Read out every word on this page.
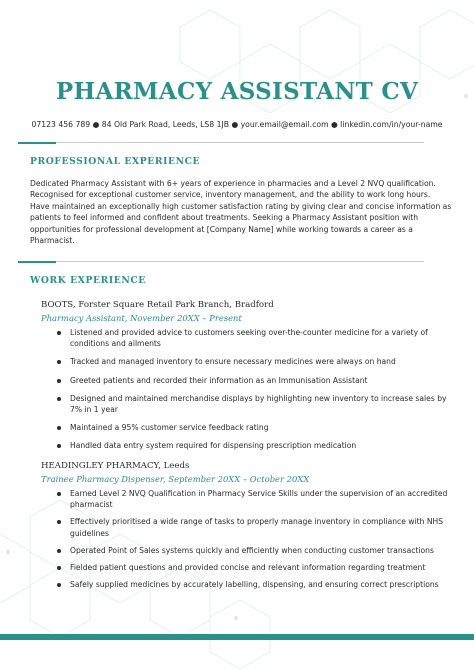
PHARMACY ASSISTANT CV
07123 456 789 ● 84 Old Park Road, Leeds, LS8 1JB ● your.email@email.com ● linkedin.com/in/your-name
PROFESSIONAL EXPERIENCE

Dedicated Pharmacy Assistant with 6+ years of experience in pharmacies and a Level 2 NVQ qualification. Recognised for exceptional customer service, inventory management, and the ability to work long hours. Have maintained an exceptionally high customer satisfaction rating by giving clear and concise information as patients to feel informed and confident about treatments. Seeking a Pharmacy Assistant position with opportunities for professional development at [Company Name] while working towards a career as a Pharmacist.

WORK EXPERIENCE
BOOTS, Forster Square Retail Park Branch, Bradford
Pharmacy Assistant, November 20XX – Present
Listened and provided advice to customers seeking over-the-counter medicine for a variety of conditions and ailments
Tracked and managed inventory to ensure necessary medicines were always on hand
Greeted patients and recorded their information as an Immunisation Assistant
Designed and maintained merchandise displays by highlighting new inventory to increase sales by 7% in 1 year
Maintained a 95% customer service feedback rating
Handled data entry system required for dispensing prescription medication
HEADINGLEY PHARMACY, Leeds
Trainee Pharmacy Dispenser, September 20XX – October 20XX
Earned Level 2 NVQ Qualification in Pharmacy Service Skills under the supervision of an accredited pharmacist
Effectively prioritised a wide range of tasks to properly manage inventory in compliance with NHS guidelines
Operated Point of Sales systems quickly and efficiently when conducting customer transactions
Fielded patient questions and provided concise and relevant information regarding treatment
Safely supplied medicines by accurately labelling, dispensing, and ensuring correct prescriptions
